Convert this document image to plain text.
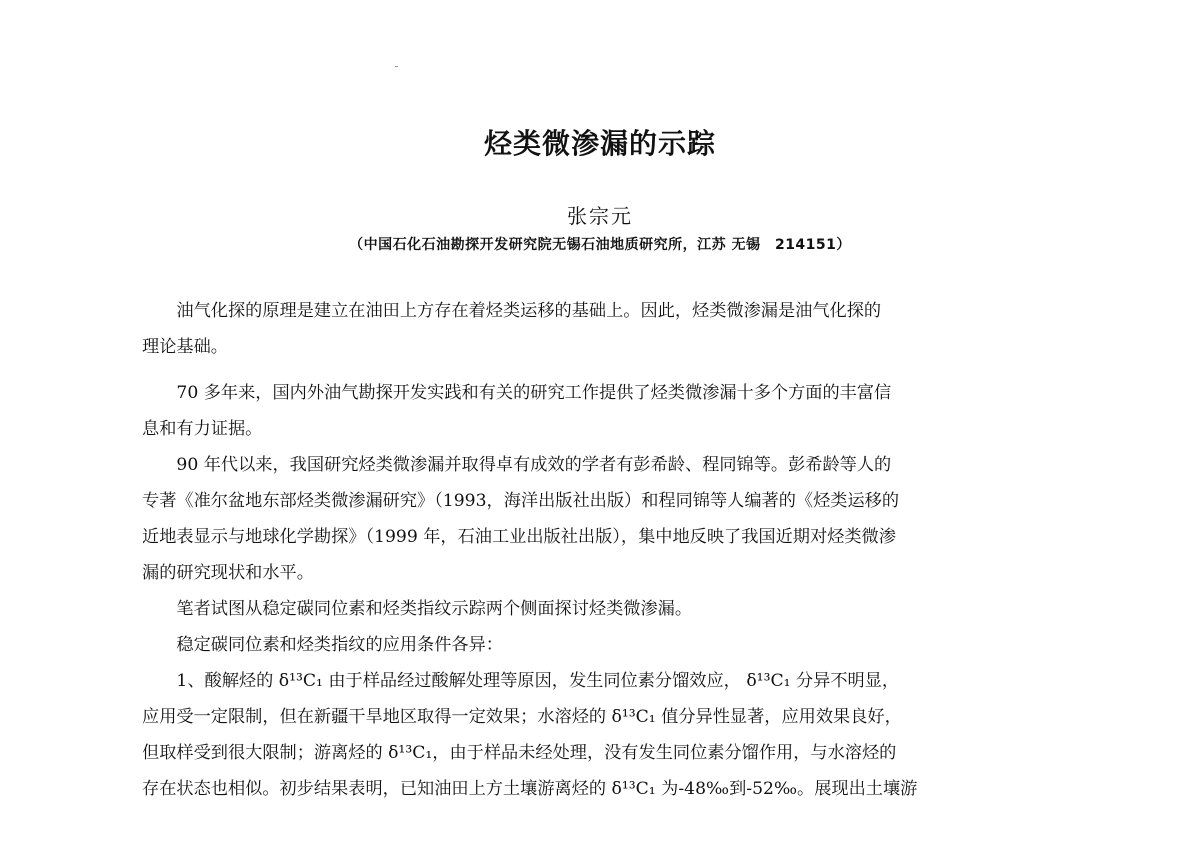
烃类微渗漏的示踪
张宗元
（中国石化石油勘探开发研究院无锡石油地质研究所，江苏 无锡　214151）

油气化探的原理是建立在油田上方存在着烃类运移的基础上。因此，烃类微渗漏是油气化探的
理论基础。

70 多年来，国内外油气勘探开发实践和有关的研究工作提供了烃类微渗漏十多个方面的丰富信
息和有力证据。

90 年代以来，我国研究烃类微渗漏并取得卓有成效的学者有彭希龄、程同锦等。彭希龄等人的
专著《准尔盆地东部烃类微渗漏研究》（1993，海洋出版社出版）和程同锦等人编著的《烃类运移的
近地表显示与地球化学勘探》（1999 年，石油工业出版社出版），集中地反映了我国近期对烃类微渗
漏的研究现状和水平。

笔者试图从稳定碳同位素和烃类指纹示踪两个侧面探讨烃类微渗漏。

稳定碳同位素和烃类指纹的应用条件各异：

1、酸解烃的 δ¹³C₁ 由于样品经过酸解处理等原因，发生同位素分馏效应， δ¹³C₁ 分异不明显，
应用受一定限制，但在新疆干旱地区取得一定效果；水溶烃的 δ¹³C₁ 值分异性显著，应用效果良好，
但取样受到很大限制；游离烃的 δ¹³C₁，由于样品未经处理，没有发生同位素分馏作用，与水溶烃的
存在状态也相似。初步结果表明，已知油田上方土壤游离烃的 δ¹³C₁ 为-48‰到-52‰。展现出土壤游
